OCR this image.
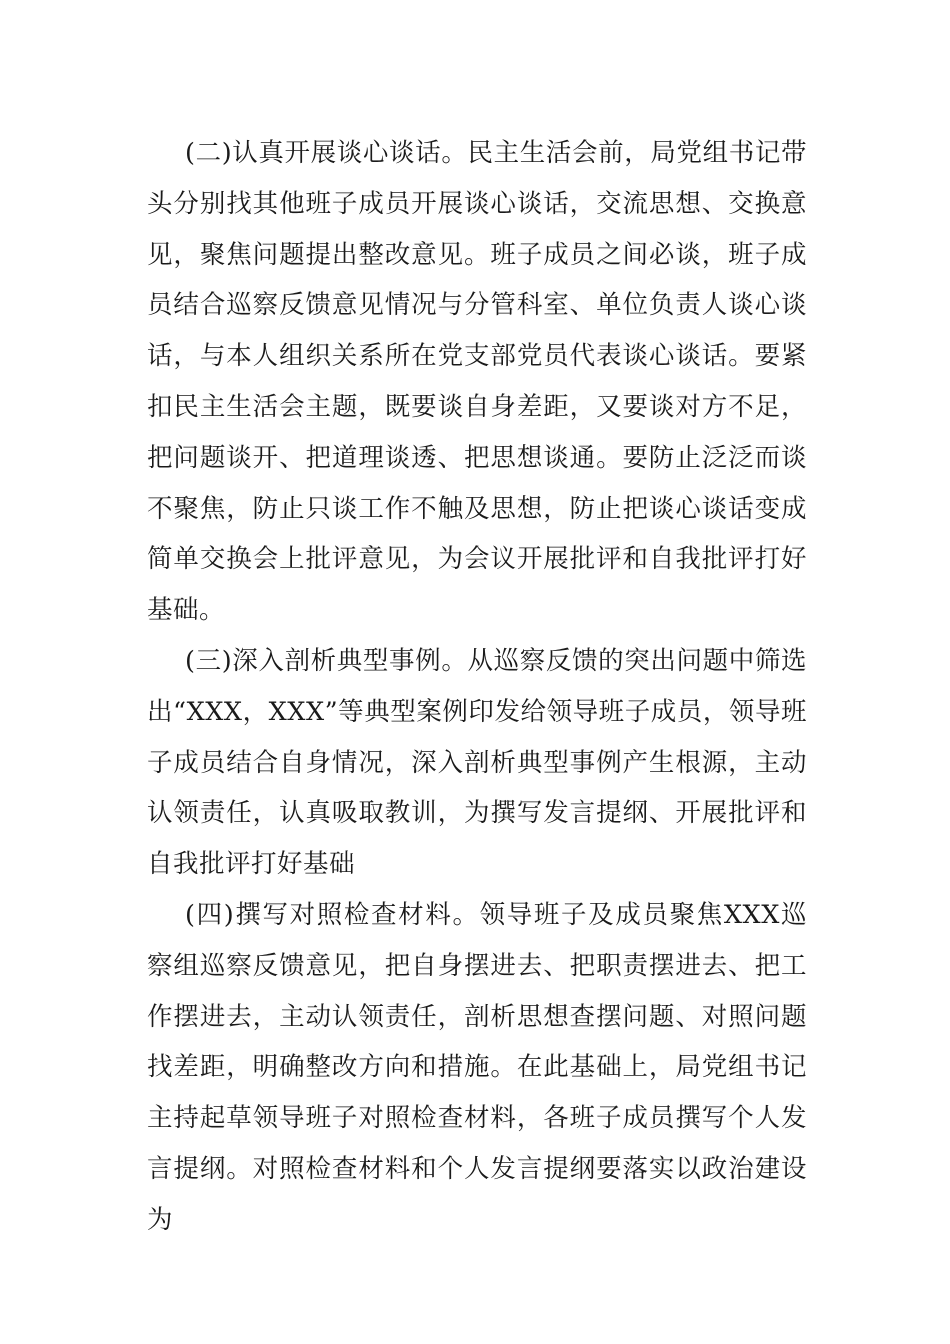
(二)认真开展谈心谈话。民主生活会前，局党组书记带头分别找其他班子成员开展谈心谈话，交流思想、交换意见，聚焦问题提出整改意见。班子成员之间必谈，班子成员结合巡察反馈意见情况与分管科室、单位负责人谈心谈话，与本人组织关系所在党支部党员代表谈心谈话。要紧扣民主生活会主题，既要谈自身差距，又要谈对方不足，把问题谈开、把道理谈透、把思想谈通。要防止泛泛而谈不聚焦，防止只谈工作不触及思想，防止把谈心谈话变成简单交换会上批评意见，为会议开展批评和自我批评打好基础。

(三)深入剖析典型事例。从巡察反馈的突出问题中筛选出“XXX，XXX”等典型案例印发给领导班子成员，领导班子成员结合自身情况，深入剖析典型事例产生根源，主动认领责任，认真吸取教训，为撰写发言提纲、开展批评和自我批评打好基础

(四)撰写对照检查材料。领导班子及成员聚焦XXX巡察组巡察反馈意见，把自身摆进去、把职责摆进去、把工作摆进去，主动认领责任，剖析思想查摆问题、对照问题找差距，明确整改方向和措施。在此基础上，局党组书记主持起草领导班子对照检查材料，各班子成员撰写个人发言提纲。对照检查材料和个人发言提纲要落实以政治建设为
